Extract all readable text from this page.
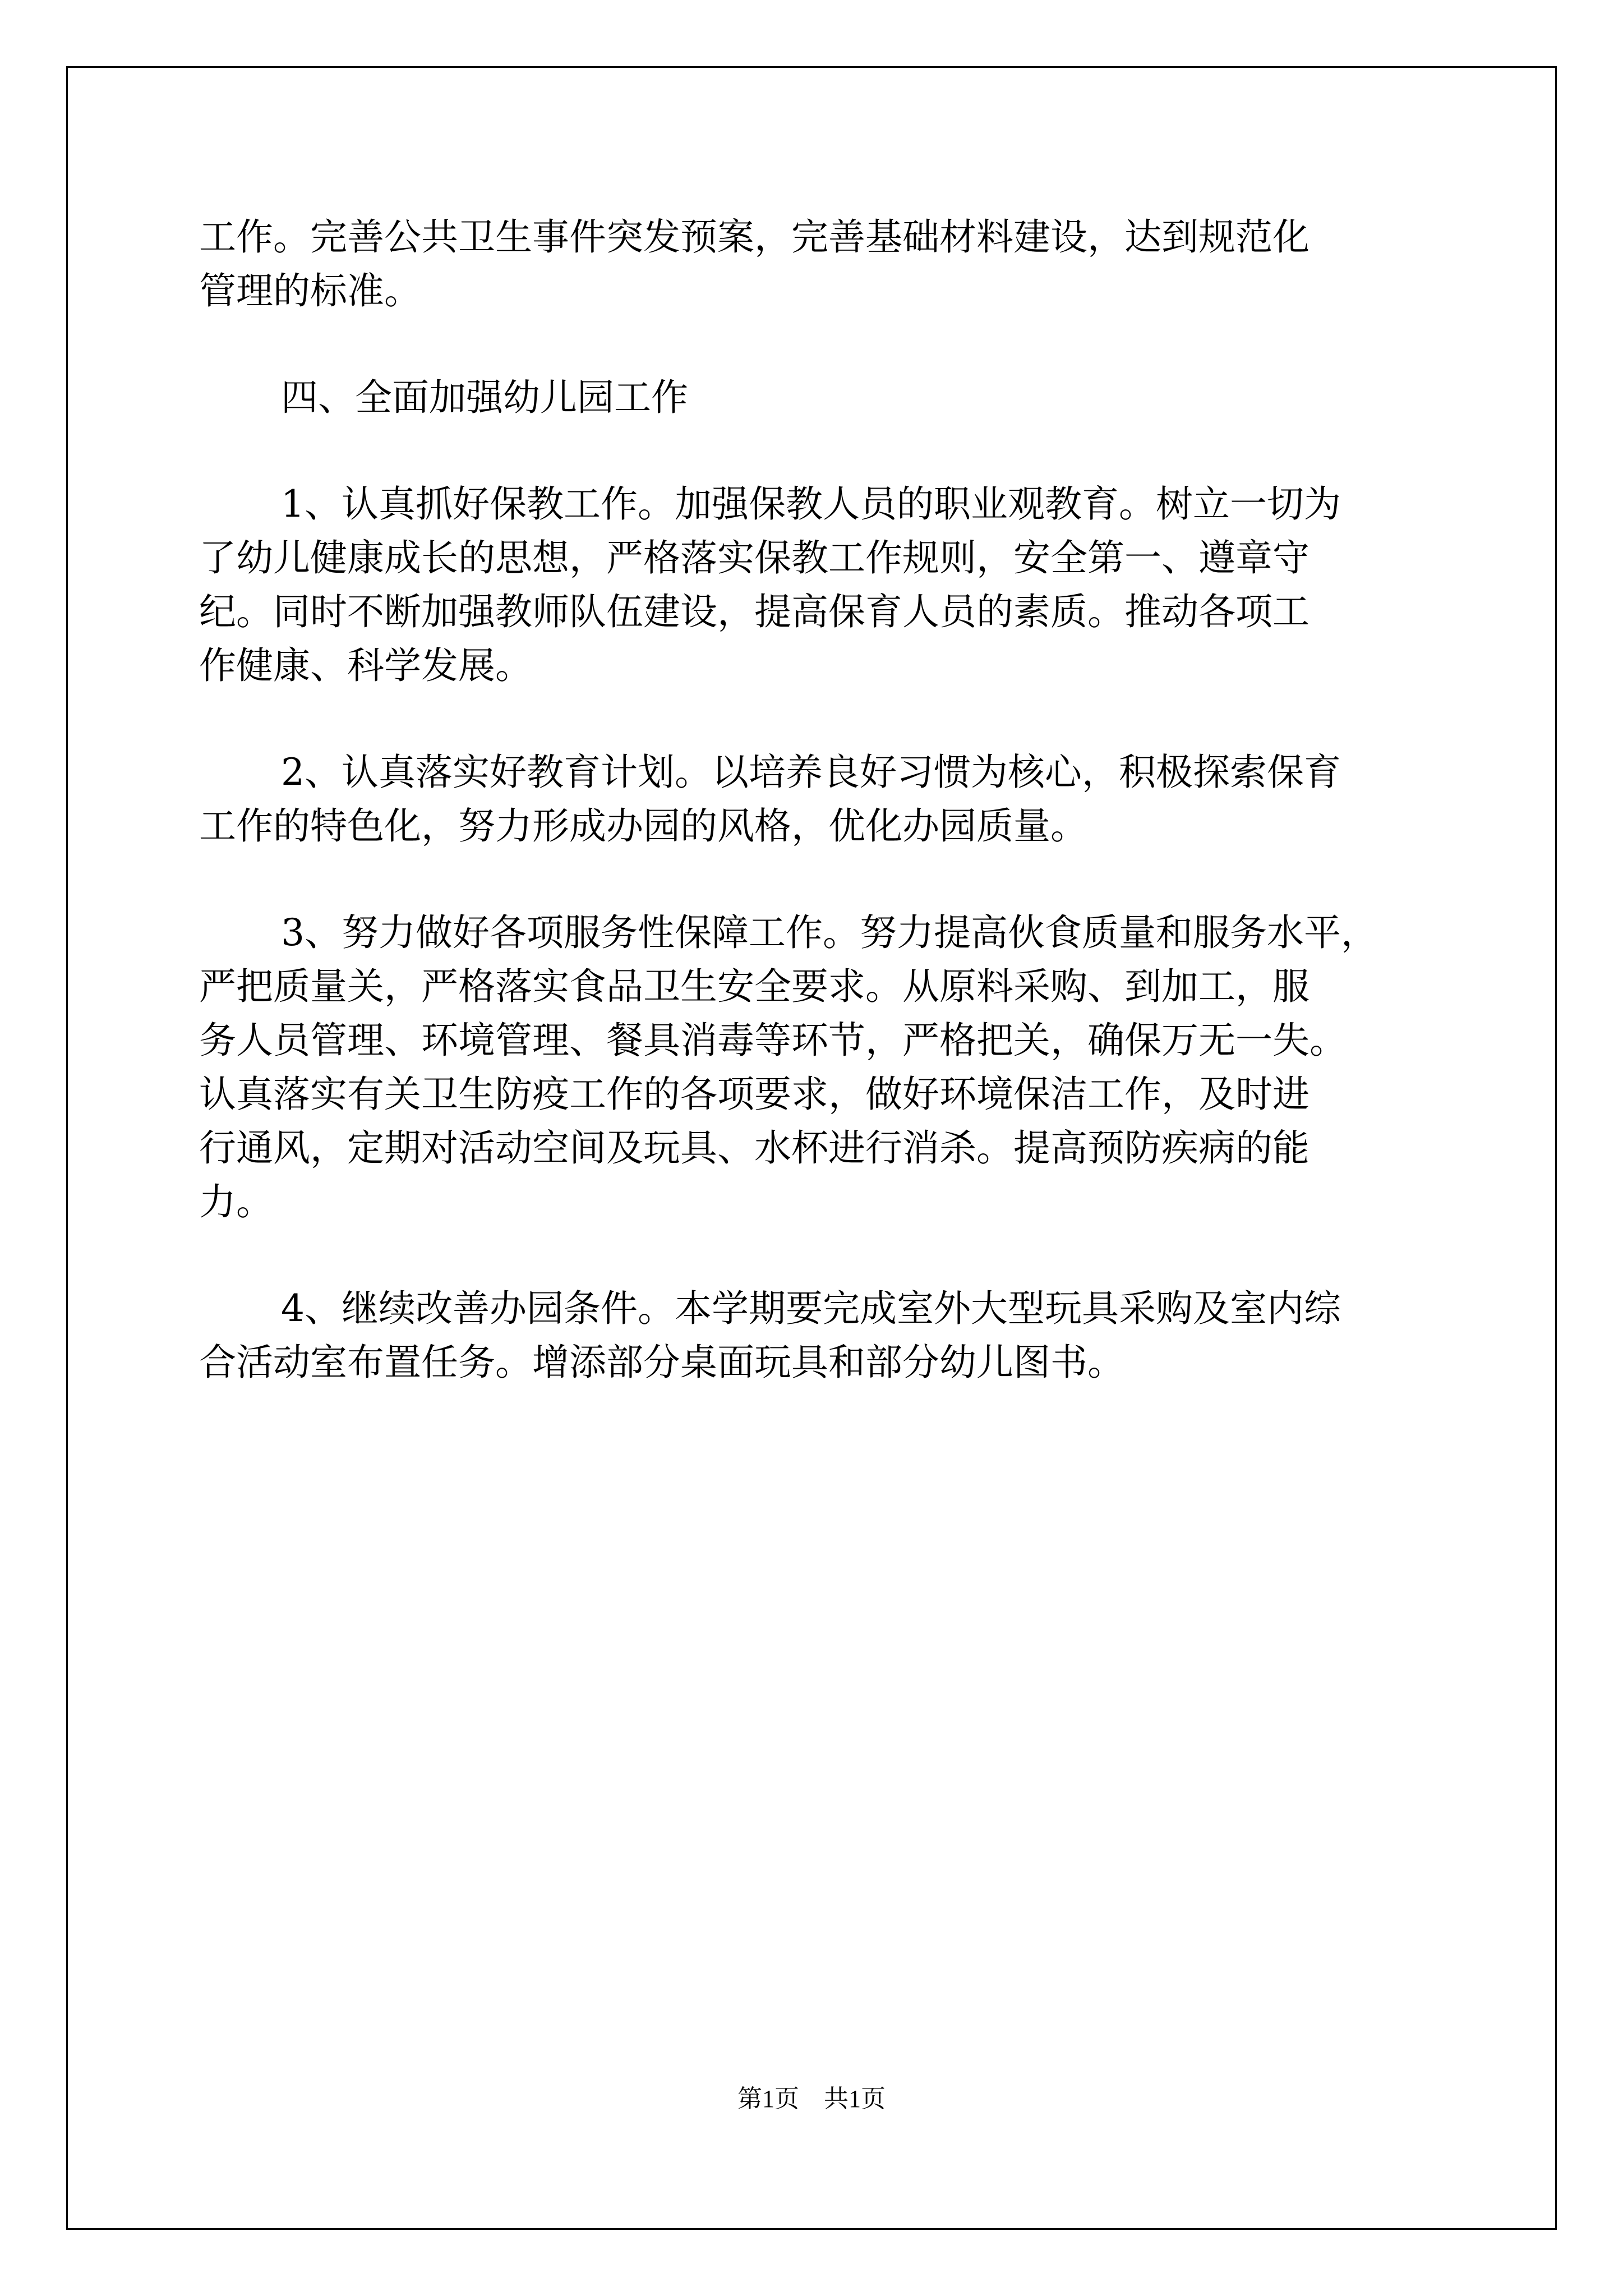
工作。完善公共卫生事件突发预案，完善基础材料建设，达到规范化
管理的标准。
四、全面加强幼儿园工作
1、认真抓好保教工作。加强保教人员的职业观教育。树立一切为
了幼儿健康成长的思想，严格落实保教工作规则，安全第一、遵章守
纪。同时不断加强教师队伍建设，提高保育人员的素质。推动各项工
作健康、科学发展。
2、认真落实好教育计划。以培养良好习惯为核心，积极探索保育
工作的特色化，努力形成办园的风格，优化办园质量。
3、努力做好各项服务性保障工作。努力提高伙食质量和服务水平，
严把质量关，严格落实食品卫生安全要求。从原料采购、到加工，服
务人员管理、环境管理、餐具消毒等环节，严格把关，确保万无一失。
认真落实有关卫生防疫工作的各项要求，做好环境保洁工作，及时进
行通风，定期对活动空间及玩具、水杯进行消杀。提高预防疾病的能
力。
4、继续改善办园条件。本学期要完成室外大型玩具采购及室内综
合活动室布置任务。增添部分桌面玩具和部分幼儿图书。
第1页　共1页
